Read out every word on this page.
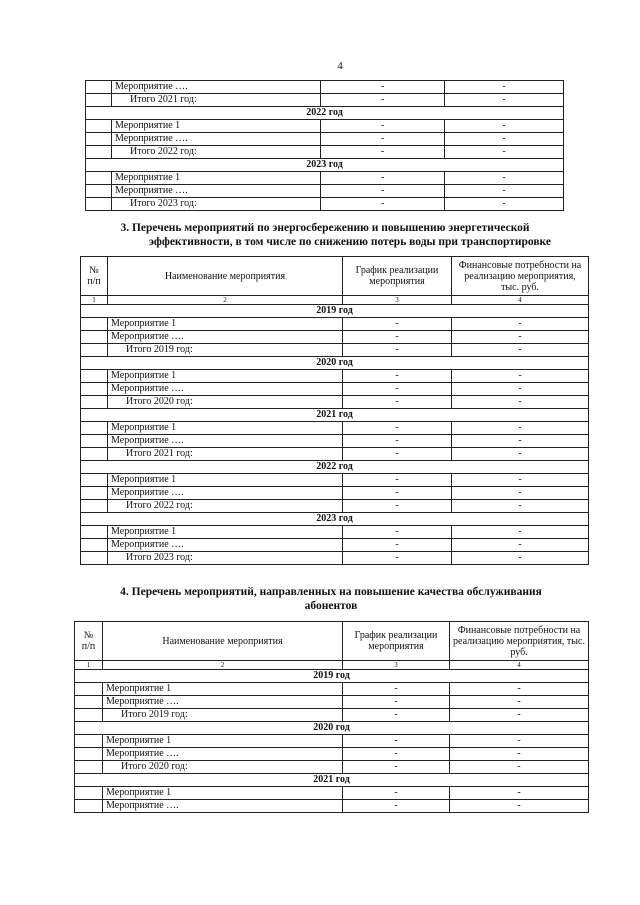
4
	Мероприятие ….	-	-
	Итого 2021 год:	-	-
2022 год			
	Мероприятие 1	-	-
	Мероприятие ….	-	-
	Итого 2022 год:	-	-
2023 год			
	Мероприятие 1	-	-
	Мероприятие ….	-	-
	Итого 2023 год:	-	-
3. Перечень мероприятий по энергосбережению и повышению энергетической
эффективности, в том числе по снижению потерь воды при транспортировке
№
п/п	Наименование мероприятия	График реализации мероприятия	Финансовые потребности на реализацию мероприятия, тыс. руб.
1	2	3	4
2019 год			
	Мероприятие 1	-	-
	Мероприятие ….	-	-
	Итого 2019 год:	-	-
2020 год			
	Мероприятие 1	-	-
	Мероприятие ….	-	-
	Итого 2020 год:	-	-
2021 год			
	Мероприятие 1	-	-
	Мероприятие ….	-	-
	Итого 2021 год:	-	-
2022 год			
	Мероприятие 1	-	-
	Мероприятие ….	-	-
	Итого 2022 год:	-	-
2023 год			
	Мероприятие 1	-	-
	Мероприятие ….	-	-
	Итого 2023 год:	-	-
4. Перечень мероприятий, направленных на повышение качества обслуживания
абонентов
№
п/п	Наименование мероприятия	График реализации мероприятия	Финансовые потребности на реализацию мероприятия, тыс. руб.
1	2	3	4
2019 год			
	Мероприятие 1	-	-
	Мероприятие ….	-	-
	Итого 2019 год:	-	-
2020 год			
	Мероприятие 1	-	-
	Мероприятие ….	-	-
	Итого 2020 год:	-	-
2021 год			
	Мероприятие 1	-	-
	Мероприятие ….	-	-
